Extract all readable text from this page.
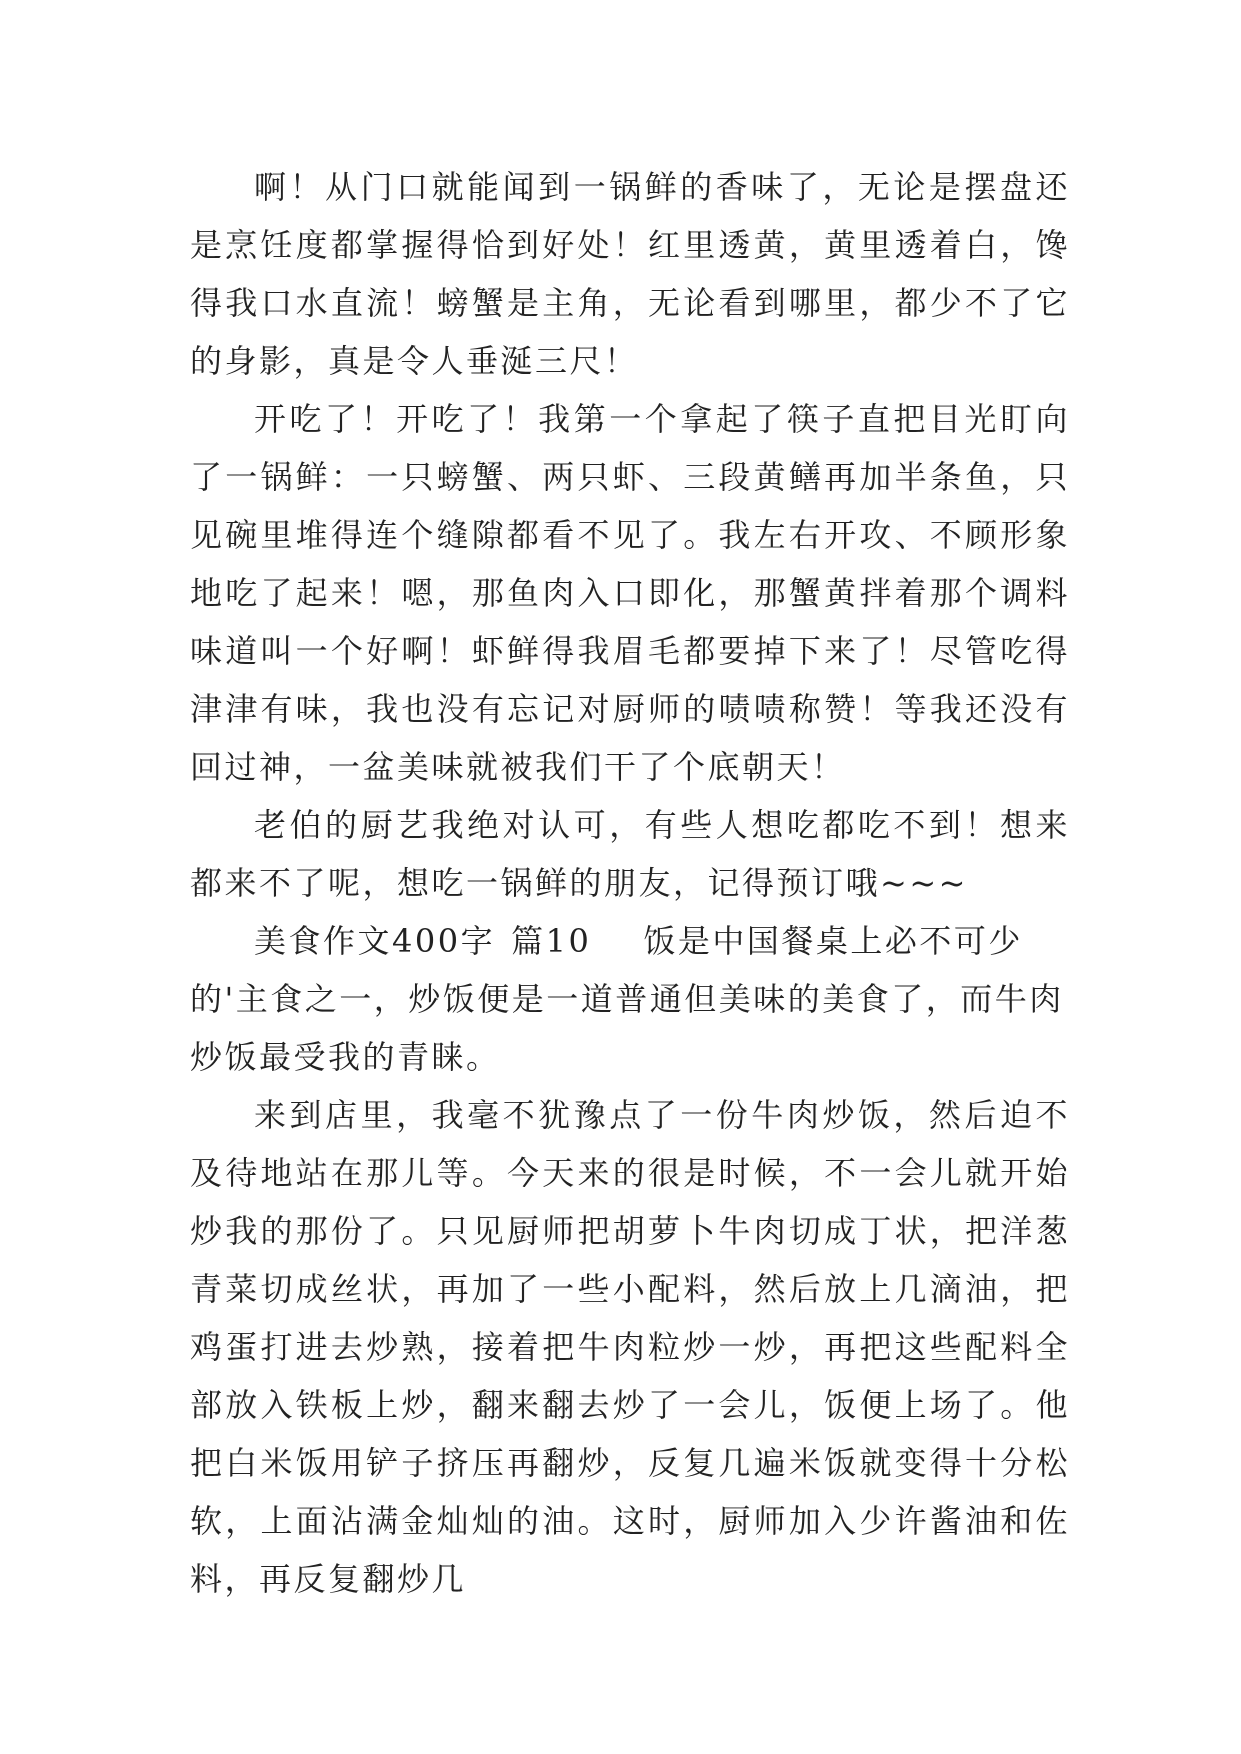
啊！从门口就能闻到一锅鲜的香味了，无论是摆盘还是烹饪度都掌握得恰到好处！红里透黄，黄里透着白，馋得我口水直流！螃蟹是主角，无论看到哪里，都少不了它的身影，真是令人垂涎三尺！

开吃了！开吃了！我第一个拿起了筷子直把目光盯向了一锅鲜：一只螃蟹、两只虾、三段黄鳝再加半条鱼，只见碗里堆得连个缝隙都看不见了。我左右开攻、不顾形象地吃了起来！嗯，那鱼肉入口即化，那蟹黄拌着那个调料味道叫一个好啊！虾鲜得我眉毛都要掉下来了！尽管吃得津津有味，我也没有忘记对厨师的啧啧称赞！等我还没有回过神，一盆美味就被我们干了个底朝天！

老伯的厨艺我绝对认可，有些人想吃都吃不到！想来都来不了呢，想吃一锅鲜的朋友，记得预订哦~~~

美食作文400字 篇10 饭是中国餐桌上必不可少的'主食之一，炒饭便是一道普通但美味的美食了，而牛肉炒饭最受我的青睐。

来到店里，我毫不犹豫点了一份牛肉炒饭，然后迫不及待地站在那儿等。今天来的很是时候，不一会儿就开始炒我的那份了。只见厨师把胡萝卜牛肉切成丁状，把洋葱青菜切成丝状，再加了一些小配料，然后放上几滴油，把鸡蛋打进去炒熟，接着把牛肉粒炒一炒，再把这些配料全部放入铁板上炒，翻来翻去炒了一会儿，饭便上场了。他把白米饭用铲子挤压再翻炒，反复几遍米饭就变得十分松软，上面沾满金灿灿的油。这时，厨师加入少许酱油和佐料，再反复翻炒几
